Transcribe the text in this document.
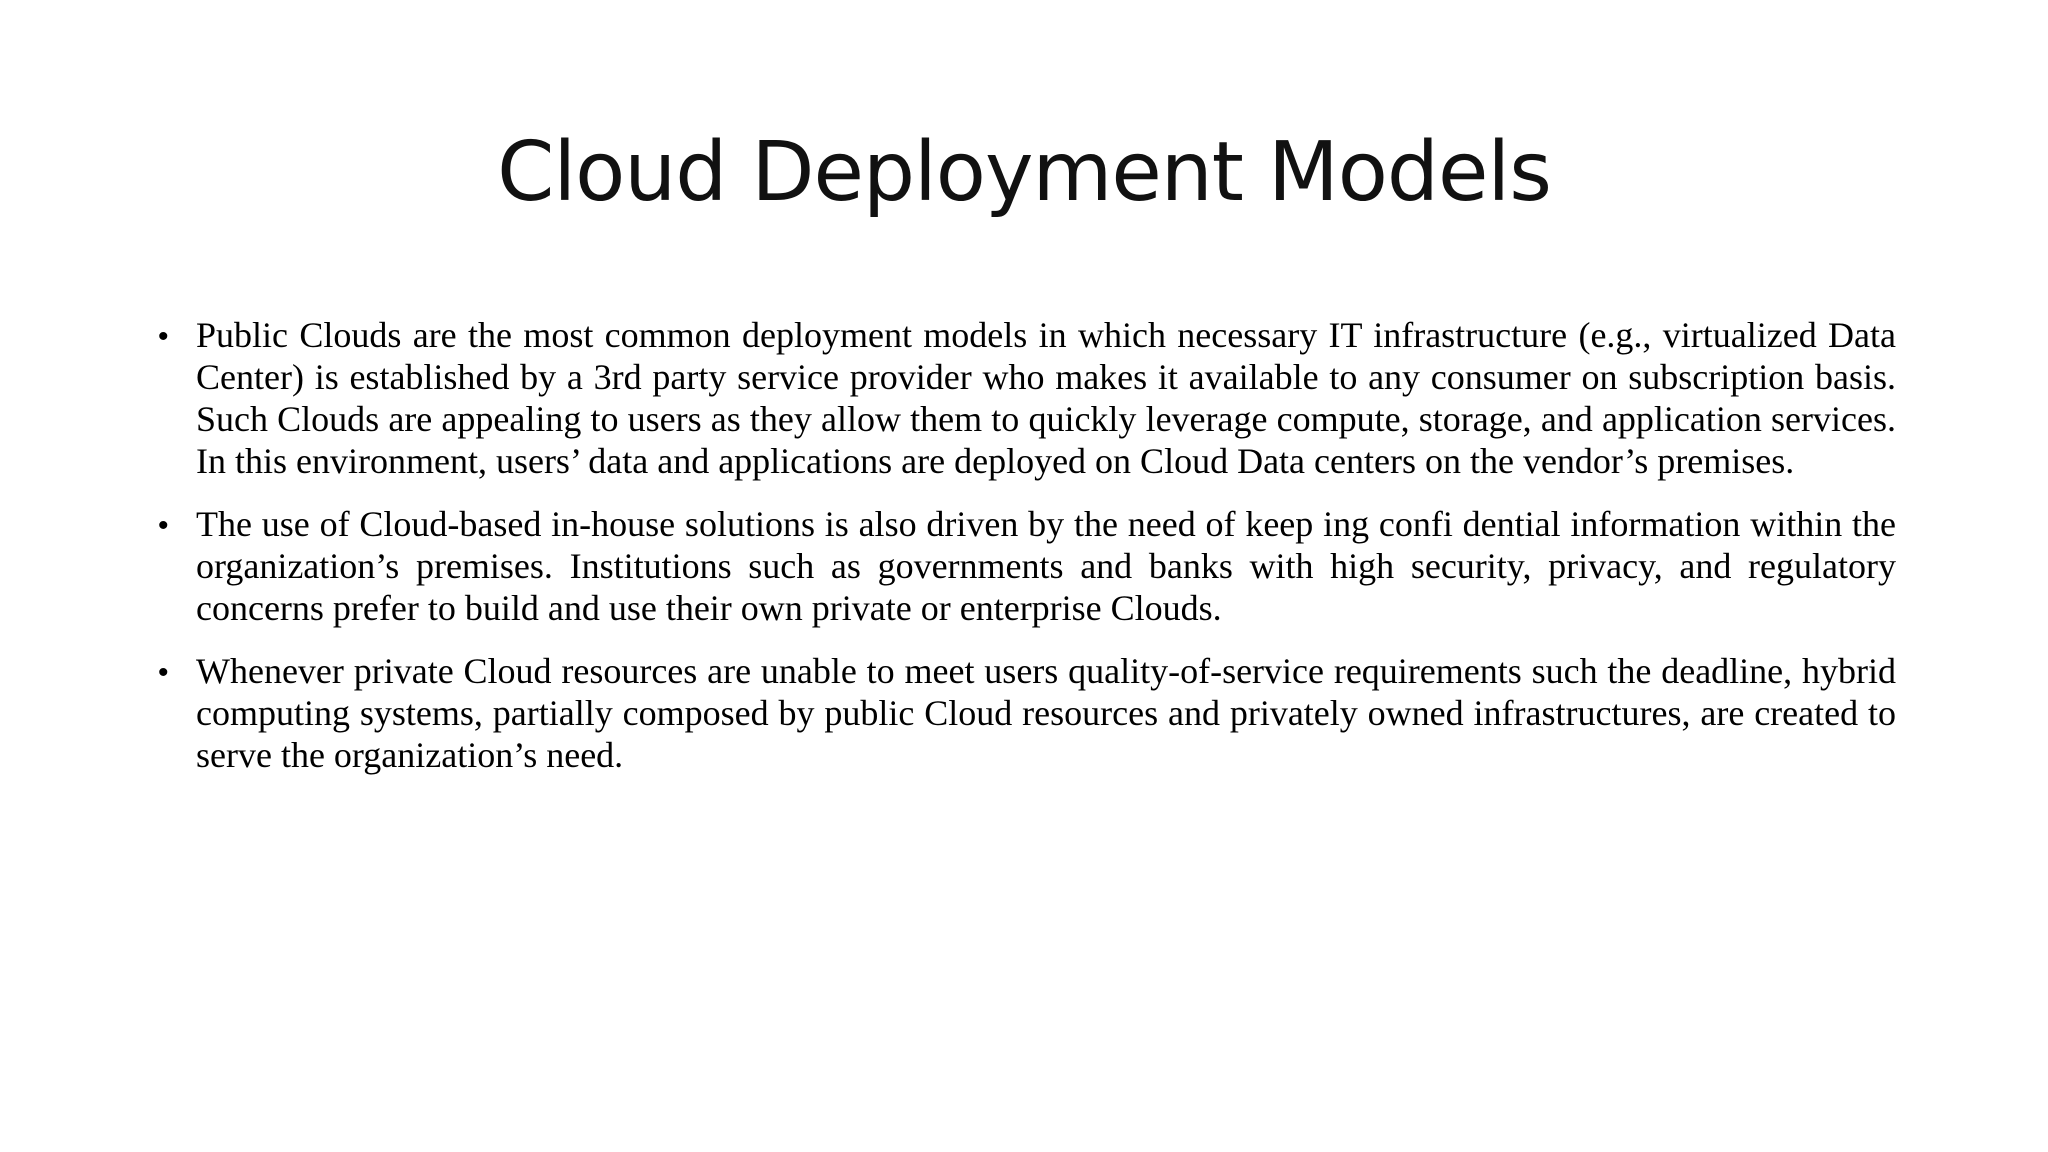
Cloud Deployment Models
• Public Clouds are the most common deployment models in which necessary IT infrastructure (e.g., virtualized Data Center) is established by a 3rd party service provider who makes it available to any consumer on subscription basis. Such Clouds are appealing to users as they allow them to quickly leverage compute, storage, and application services. In this environment, users’ data and applications are deployed on Cloud Data centers on the vendor’s premises.
• The use of Cloud-based in-house solutions is also driven by the need of keep ing confi dential information within the organization’s premises. Institutions such as governments and banks with high security, privacy, and regulatory concerns prefer to build and use their own private or enterprise Clouds.
• Whenever private Cloud resources are unable to meet users quality-of-service requirements such the deadline, hybrid computing systems, partially composed by public Cloud resources and privately owned infrastructures, are created to serve the organization’s need.
